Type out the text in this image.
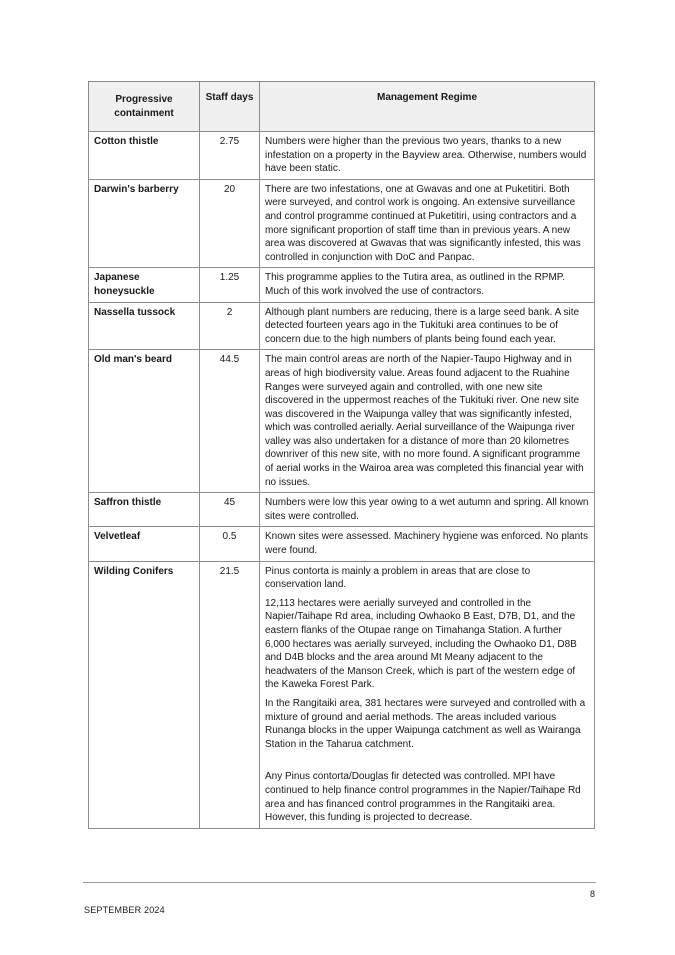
Progressive containment	Staff days	Management Regime
Cotton thistle	2.75	Numbers were higher than the previous two years, thanks to a new infestation on a property in the Bayview area. Otherwise, numbers would have been static.

Darwin's barberry	20	There are two infestations, one at Gwavas and one at Puketitiri. Both were surveyed, and control work is ongoing. An extensive surveillance and control programme continued at Puketitiri, using contractors and a more significant proportion of staff time than in previous years. A new area was discovered at Gwavas that was significantly infested, this was controlled in conjunction with DoC and Panpac.

Japanese honeysuckle	1.25	This programme applies to the Tutira area, as outlined in the RPMP. Much of this work involved the use of contractors.

Nassella tussock	2	Although plant numbers are reducing, there is a large seed bank. A site detected fourteen years ago in the Tukituki area continues to be of concern due to the high numbers of plants being found each year.

Old man's beard	44.5	The main control areas are north of the Napier-Taupo Highway and in areas of high biodiversity value. Areas found adjacent to the Ruahine Ranges were surveyed again and controlled, with one new site discovered in the uppermost reaches of the Tukituki river. One new site was discovered in the Waipunga valley that was significantly infested, which was controlled aerially. Aerial surveillance of the Waipunga river valley was also undertaken for a distance of more than 20 kilometres downriver of this new site, with no more found. A significant programme of aerial works in the Wairoa area was completed this financial year with no issues.

Saffron thistle	45	Numbers were low this year owing to a wet autumn and spring. All known sites were controlled.

Velvetleaf	0.5	Known sites were assessed. Machinery hygiene was enforced. No plants were found.

Wilding Conifers	21.5	Pinus contorta is mainly a problem in areas that are close to conservation land.

12,113 hectares were aerially surveyed and controlled in the Napier/Taihape Rd area, including Owhaoko B East, D7B, D1, and the eastern flanks of the Otupae range on Timahanga Station. A further 6,000 hectares was aerially surveyed, including the Owhaoko D1, D8B and D4B blocks and the area around Mt Meany adjacent to the headwaters of the Manson Creek, which is part of the western edge of the Kaweka Forest Park.

In the Rangitaiki area, 381 hectares were surveyed and controlled with a mixture of ground and aerial methods. The areas included various Runanga blocks in the upper Waipunga catchment as well as Wairanga Station in the Taharua catchment.

Any Pinus contorta/Douglas fir detected was controlled. MPI have continued to help finance control programmes in the Napier/Taihape Rd area and has financed control programmes in the Rangitaiki area. However, this funding is projected to decrease.

8
SEPTEMBER 2024
